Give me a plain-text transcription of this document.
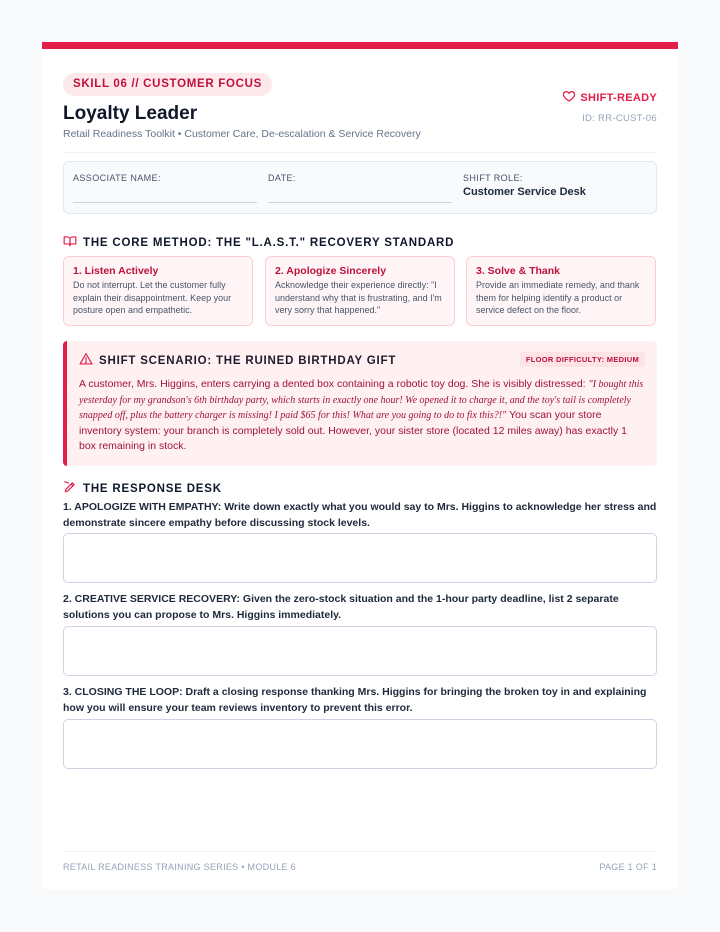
SKILL 06 // CUSTOMER FOCUS
Loyalty Leader
Retail Readiness Toolkit • Customer Care, De-escalation & Service Recovery
SHIFT-READY
ID: RR-CUST-06
ASSOCIATE NAME:	DATE:	SHIFT ROLE:
Customer Service Desk
THE CORE METHOD: THE "L.A.S.T." RECOVERY STANDARD
1. Listen Actively
Do not interrupt. Let the customer fully explain their disappointment. Keep your posture open and empathetic.
2. Apologize Sincerely
Acknowledge their experience directly: "I understand why that is frustrating, and I'm very sorry that happened."
3. Solve & Thank
Provide an immediate remedy, and thank them for helping identify a product or service defect on the floor.
SHIFT SCENARIO: THE RUINED BIRTHDAY GIFT	FLOOR DIFFICULTY: MEDIUM
A customer, Mrs. Higgins, enters carrying a dented box containing a robotic toy dog. She is visibly distressed: "I bought this yesterday for my grandson's 6th birthday party, which starts in exactly one hour! We opened it to charge it, and the toy's tail is completely snapped off, plus the battery charger is missing! I paid $65 for this! What are you going to do to fix this?!" You scan your store inventory system: your branch is completely sold out. However, your sister store (located 12 miles away) has exactly 1 box remaining in stock.
THE RESPONSE DESK
1. APOLOGIZE WITH EMPATHY: Write down exactly what you would say to Mrs. Higgins to acknowledge her stress and demonstrate sincere empathy before discussing stock levels.
2. CREATIVE SERVICE RECOVERY: Given the zero-stock situation and the 1-hour party deadline, list 2 separate solutions you can propose to Mrs. Higgins immediately.
3. CLOSING THE LOOP: Draft a closing response thanking Mrs. Higgins for bringing the broken toy in and explaining how you will ensure your team reviews inventory to prevent this error.
RETAIL READINESS TRAINING SERIES • MODULE 6	PAGE 1 OF 1
